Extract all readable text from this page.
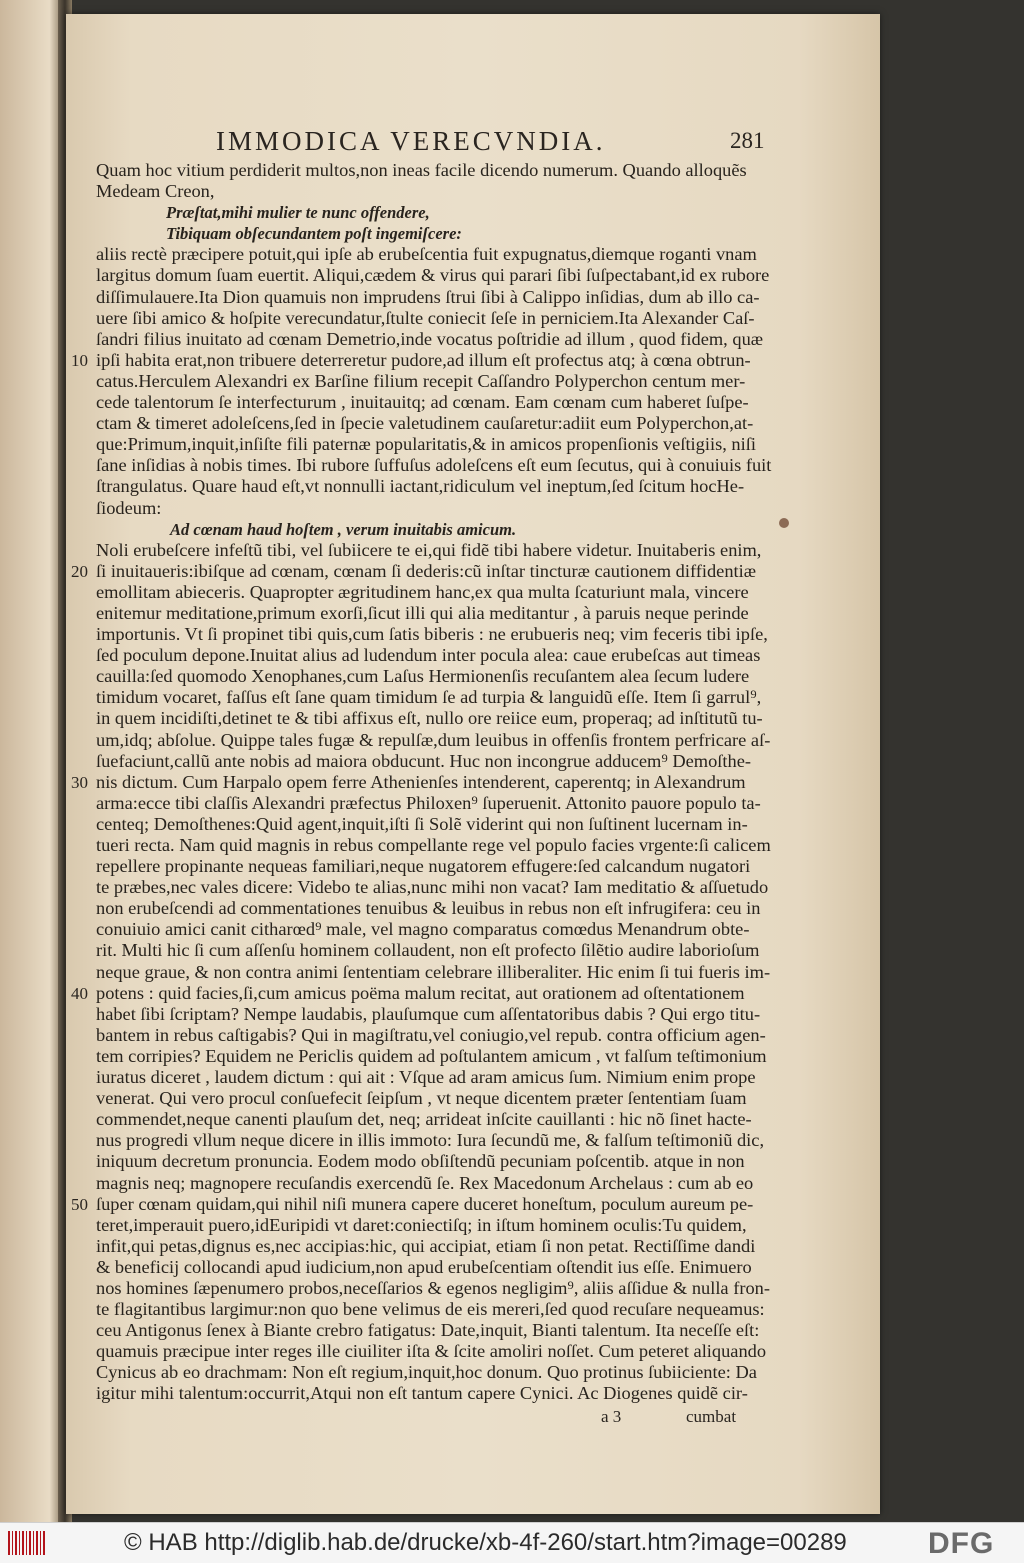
IMMODICA VERECVNDIA.	281
Quam hoc vitium perdiderit multos,non ineas facile dicendo numerum. Quando alloquẽs
Medeam Creon,
Præſtat,mihi mulier te nunc offendere,
Tibiquam obſecundantem poſt ingemiſcere:
aliis rectè præcipere potuit,qui ipſe ab erubeſcentia fuit expugnatus,diemque roganti vnam
largitus domum ſuam euertit. Aliqui,cædem & virus qui parari ſibi ſuſpectabant,id ex rubore
diſſimulauere.Ita Dion quamuis non imprudens ſtrui ſibi à Calippo inſidias, dum ab illo ca-
uere ſibi amico & hoſpite verecundatur,ſtulte coniecit ſeſe in perniciem.Ita Alexander Caſ-
ſandri filius inuitato ad cœnam Demetrio,inde vocatus poſtridie ad illum , quod fidem, quæ
ipſi habita erat,non tribuere deterreretur pudore,ad illum eſt profectus atq; à cœna obtrun-
10
catus.Herculem Alexandri ex Barſine filium recepit Caſſandro Polyperchon centum mer-
cede talentorum ſe interfecturum , inuitauitq; ad cœnam. Eam cœnam cum haberet ſuſpe-
ctam & timeret adoleſcens,ſed in ſpecie valetudinem cauſaretur:adiit eum Polyperchon,at-
que:Primum,inquit,inſiſte fili paternæ popularitatis,& in amicos propenſionis veſtigiis, niſi
ſane inſidias à nobis times. Ibi rubore ſuffuſus adoleſcens eſt eum ſecutus, qui à conuiuis fuit
ſtrangulatus. Quare haud eſt,vt nonnulli iactant,ridiculum vel ineptum,ſed ſcitum hocHe-
ſiodeum:
Ad cœnam haud hoſtem , verum inuitabis amicum.
Noli erubeſcere infeſtũ tibi, vel ſubiicere te ei,qui fidẽ tibi habere videtur. Inuitaberis enim,
ſi inuitaueris:ibiſque ad cœnam, cœnam ſi dederis:cũ inſtar tincturæ cautionem diffidentiæ
20
emollitam abieceris. Quapropter ægritudinem hanc,ex qua multa ſcaturiunt mala, vincere
enitemur meditatione,primum exorſi,ſicut illi qui alia meditantur , à paruis neque perinde
importunis. Vt ſi propinet tibi quis,cum ſatis biberis : ne erubueris neq; vim feceris tibi ipſe,
ſed poculum depone.Inuitat alius ad ludendum inter pocula alea: caue erubeſcas aut timeas
cauilla:ſed quomodo Xenophanes,cum Laſus Hermionenſis recuſantem alea ſecum ludere
timidum vocaret, faſſus eſt ſane quam timidum ſe ad turpia & languidũ eſſe. Item ſi garrul⁹,
in quem incidiſti,detinet te & tibi affixus eſt, nullo ore reiice eum, properaq; ad inſtitutũ tu-
um,idq; abſolue. Quippe tales fugæ & repulſæ,dum leuibus in offenſis frontem perfricare aſ-
ſuefaciunt,callũ ante nobis ad maiora obducunt. Huc non incongrue adducem⁹ Demoſthe-
nis dictum. Cum Harpalo opem ferre Athenienſes intenderent, caperentq; in Alexandrum
30
arma:ecce tibi claſſis Alexandri præfectus Philoxen⁹ ſuperuenit. Attonito pauore populo ta-
centeq; Demoſthenes:Quid agent,inquit,iſti ſi Solẽ viderint qui non ſuſtinent lucernam in-
tueri recta. Nam quid magnis in rebus compellante rege vel populo facies vrgente:ſi calicem
repellere propinante nequeas familiari,neque nugatorem effugere:ſed calcandum nugatori
te præbes,nec vales dicere: Videbo te alias,nunc mihi non vacat? Iam meditatio & aſſuetudo
non erubeſcendi ad commentationes tenuibus & leuibus in rebus non eſt infrugifera: ceu in
conuiuio amici canit citharœd⁹ male, vel magno comparatus comœdus Menandrum obte-
rit. Multi hic ſi cum aſſenſu hominem collaudent, non eſt profecto ſilẽtio audire laborioſum
neque graue, & non contra animi ſententiam celebrare illiberaliter. Hic enim ſi tui fueris im-
potens : quid facies,ſi,cum amicus poëma malum recitat, aut orationem ad oſtentationem
40
habet ſibi ſcriptam? Nempe laudabis, plauſumque cum aſſentatoribus dabis ? Qui ergo titu-
bantem in rebus caſtigabis? Qui in magiſtratu,vel coniugio,vel repub. contra officium agen-
tem corripies? Equidem ne Periclis quidem ad poſtulantem amicum , vt falſum teſtimonium
iuratus diceret , laudem dictum : qui ait : Vſque ad aram amicus ſum. Nimium enim prope
venerat. Qui vero procul conſuefecit ſeipſum , vt neque dicentem præter ſententiam ſuam
commendet,neque canenti plauſum det, neq; arrideat inſcite cauillanti : hic nõ ſinet hacte-
nus progredi vllum neque dicere in illis immoto: Iura ſecundũ me, & falſum teſtimoniũ dic,
iniquum decretum pronuncia. Eodem modo obſiſtendũ pecuniam poſcentib. atque in non
magnis neq; magnopere recuſandis exercendũ ſe. Rex Macedonum Archelaus : cum ab eo
ſuper cœnam quidam,qui nihil niſi munera capere duceret honeſtum, poculum aureum pe-
50
teret,imperauit puero,idEuripidi vt daret:coniectiſq; in iſtum hominem oculis:Tu quidem,
infit,qui petas,dignus es,nec accipias:hic, qui accipiat, etiam ſi non petat. Rectiſſime dandi
& beneficij collocandi apud iudicium,non apud erubeſcentiam oſtendit ius eſſe. Enimuero
nos homines ſæpenumero probos,neceſſarios & egenos negligim⁹, aliis aſſidue & nulla fron-
te flagitantibus largimur:non quo bene velimus de eis mereri,ſed quod recuſare nequeamus:
ceu Antigonus ſenex à Biante crebro fatigatus: Date,inquit, Bianti talentum. Ita neceſſe eſt:
quamuis præcipue inter reges ille ciuiliter iſta & ſcite amoliri noſſet. Cum peteret aliquando
Cynicus ab eo drachmam: Non eſt regium,inquit,hoc donum. Quo protinus ſubiiciente: Da
igitur mihi talentum:occurrit,Atqui non eſt tantum capere Cynici. Ac Diogenes quidẽ cir-
a 3	cumbat
© HAB http://diglib.hab.de/drucke/xb-4f-260/start.htm?image=00289	DFG
